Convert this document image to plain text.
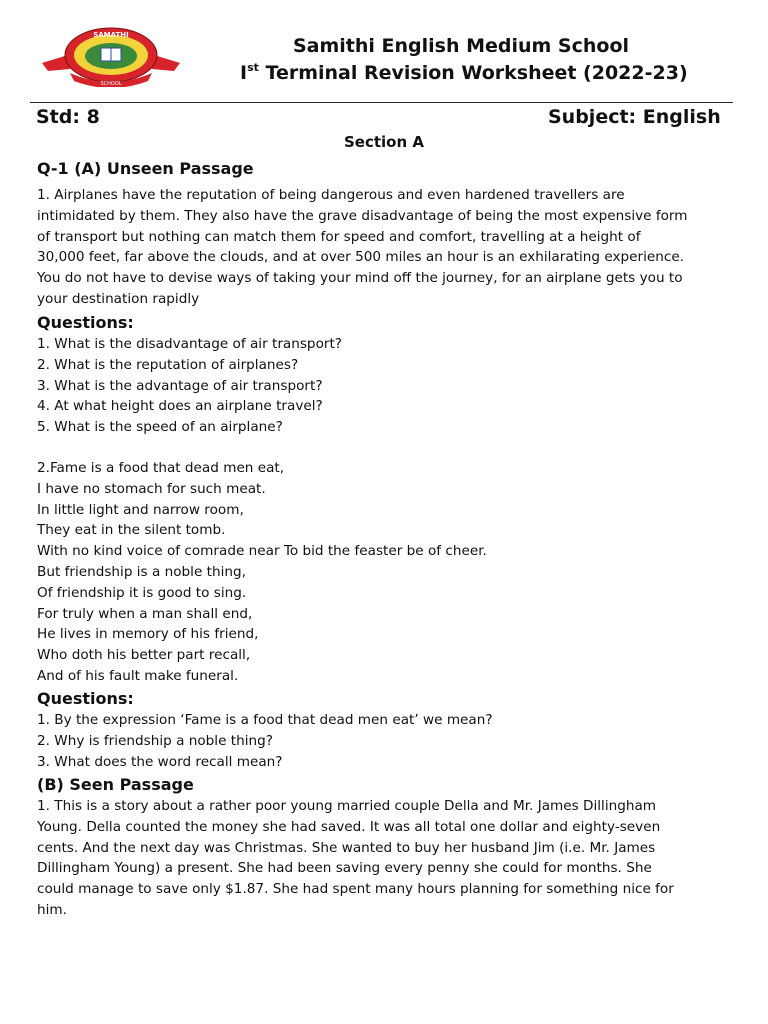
SAMATHI
SCHOOL
Samithi English Medium School
Ist Terminal Revision Worksheet (2022-23)
Std: 8	Subject: English
Section A
Q-1 (A) Unseen Passage
1. Airplanes have the reputation of being dangerous and even hardened travellers are
intimidated by them. They also have the grave disadvantage of being the most expensive form
of transport but nothing can match them for speed and comfort, travelling at a height of
30,000 feet, far above the clouds, and at over 500 miles an hour is an exhilarating experience.
You do not have to devise ways of taking your mind off the journey, for an airplane gets you to
your destination rapidly
Questions:
1. What is the disadvantage of air transport?
2. What is the reputation of airplanes?
3. What is the advantage of air transport?
4. At what height does an airplane travel?
5. What is the speed of an airplane?
2.Fame is a food that dead men eat,
I have no stomach for such meat.
In little light and narrow room,
They eat in the silent tomb.
With no kind voice of comrade near To bid the feaster be of cheer.
But friendship is a noble thing,
Of friendship it is good to sing.
For truly when a man shall end,
He lives in memory of his friend,
Who doth his better part recall,
And of his fault make funeral.
Questions:
1. By the expression ‘Fame is a food that dead men eat’ we mean?
2. Why is friendship a noble thing?
3. What does the word recall mean?
(B) Seen Passage
1. This is a story about a rather poor young married couple Della and Mr. James Dillingham
Young. Della counted the money she had saved. It was all total one dollar and eighty-seven
cents. And the next day was Christmas. She wanted to buy her husband Jim (i.e. Mr. James
Dillingham Young) a present. She had been saving every penny she could for months. She
could manage to save only $1.87. She had spent many hours planning for something nice for
him.
